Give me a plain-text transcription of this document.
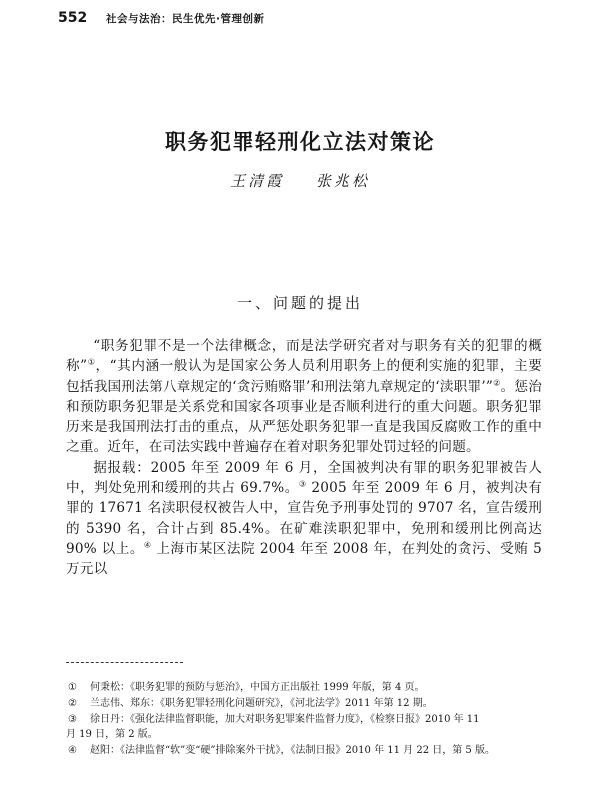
552 社会与法治：民生优先·管理创新
职务犯罪轻刑化立法对策论
王清霞 张兆松
一、问题的提出

“职务犯罪不是一个法律概念，而是法学研究者对与职务有关的犯罪的概称”①，“其内涵一般认为是国家公务人员利用职务上的便利实施的犯罪，主要包括我国刑法第八章规定的‘贪污贿赂罪’和刑法第九章规定的‘渎职罪’”②。惩治和预防职务犯罪是关系党和国家各项事业是否顺利进行的重大问题。职务犯罪历来是我国刑法打击的重点，从严惩处职务犯罪一直是我国反腐败工作的重中之重。近年，在司法实践中普遍存在着对职务犯罪处罚过轻的问题。

据报载：2005 年至 2009 年 6 月，全国被判决有罪的职务犯罪被告人中，判处免刑和缓刑的共占 69.7%。③ 2005 年至 2009 年 6 月，被判决有罪的 17671 名渎职侵权被告人中，宣告免予刑事处罚的 9707 名，宣告缓刑的 5390 名，合计占到 85.4%。在矿难渎职犯罪中，免刑和缓刑比例高达 90% 以上。④ 上海市某区法院 2004 年至 2008 年，在判处的贪污、受贿 5 万元以

①	何秉松：《职务犯罪的预防与惩治》，中国方正出版社 1999 年版，第 4 页。
②	兰志伟、郑东：《职务犯罪轻刑化问题研究》，《河北法学》2011 年第 12 期。
③	徐日丹：《强化法律监督职能，加大对职务犯罪案件监督力度》，《检察日报》2010 年 11
月 19 日，第 2 版。
④	赵阳：《法律监督“软”变“硬”排除案外干扰》，《法制日报》2010 年 11 月 22 日，第 5 版。
